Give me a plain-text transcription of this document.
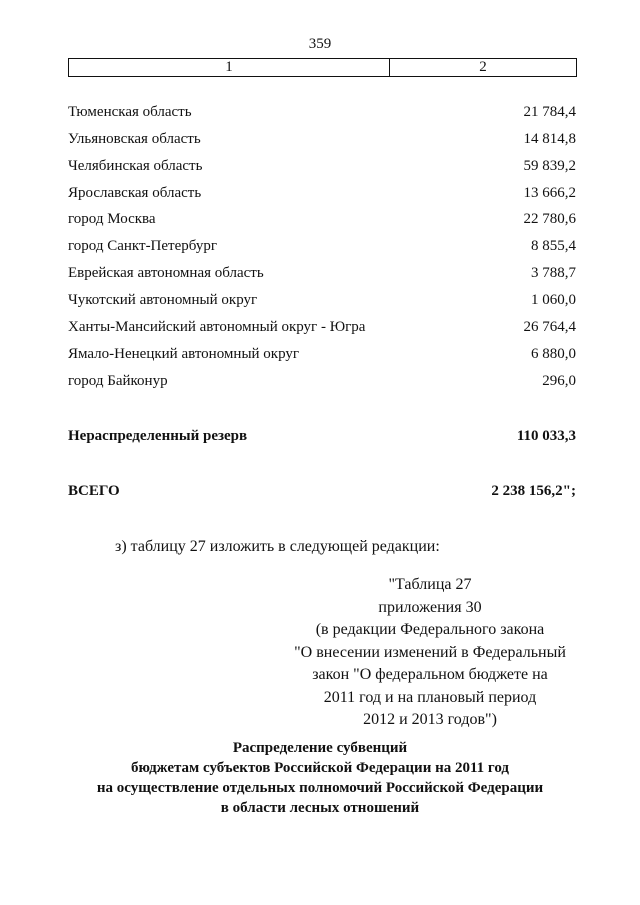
359
1	2
Тюменская область	21 784,4
Ульяновская область	14 814,8
Челябинская область	59 839,2
Ярославская область	13 666,2
город Москва	22 780,6
город Санкт-Петербург	8 855,4
Еврейская автономная область	3 788,7
Чукотский автономный округ	1 060,0
Ханты-Мансийский автономный округ - Югра	26 764,4
Ямало-Ненецкий автономный округ	6 880,0
город Байконур	296,0
Нераспределенный резерв	110 033,3
ВСЕГО	2 238 156,2";
з) таблицу 27 изложить в следующей редакции:
"Таблица 27
приложения 30
(в редакции Федерального закона
"О внесении изменений в Федеральный
закон "О федеральном бюджете на
2011 год и на плановый период
2012 и 2013 годов")
Распределение субвенций
бюджетам субъектов Российской Федерации на 2011 год
на осуществление отдельных полномочий Российской Федерации
в области лесных отношений
